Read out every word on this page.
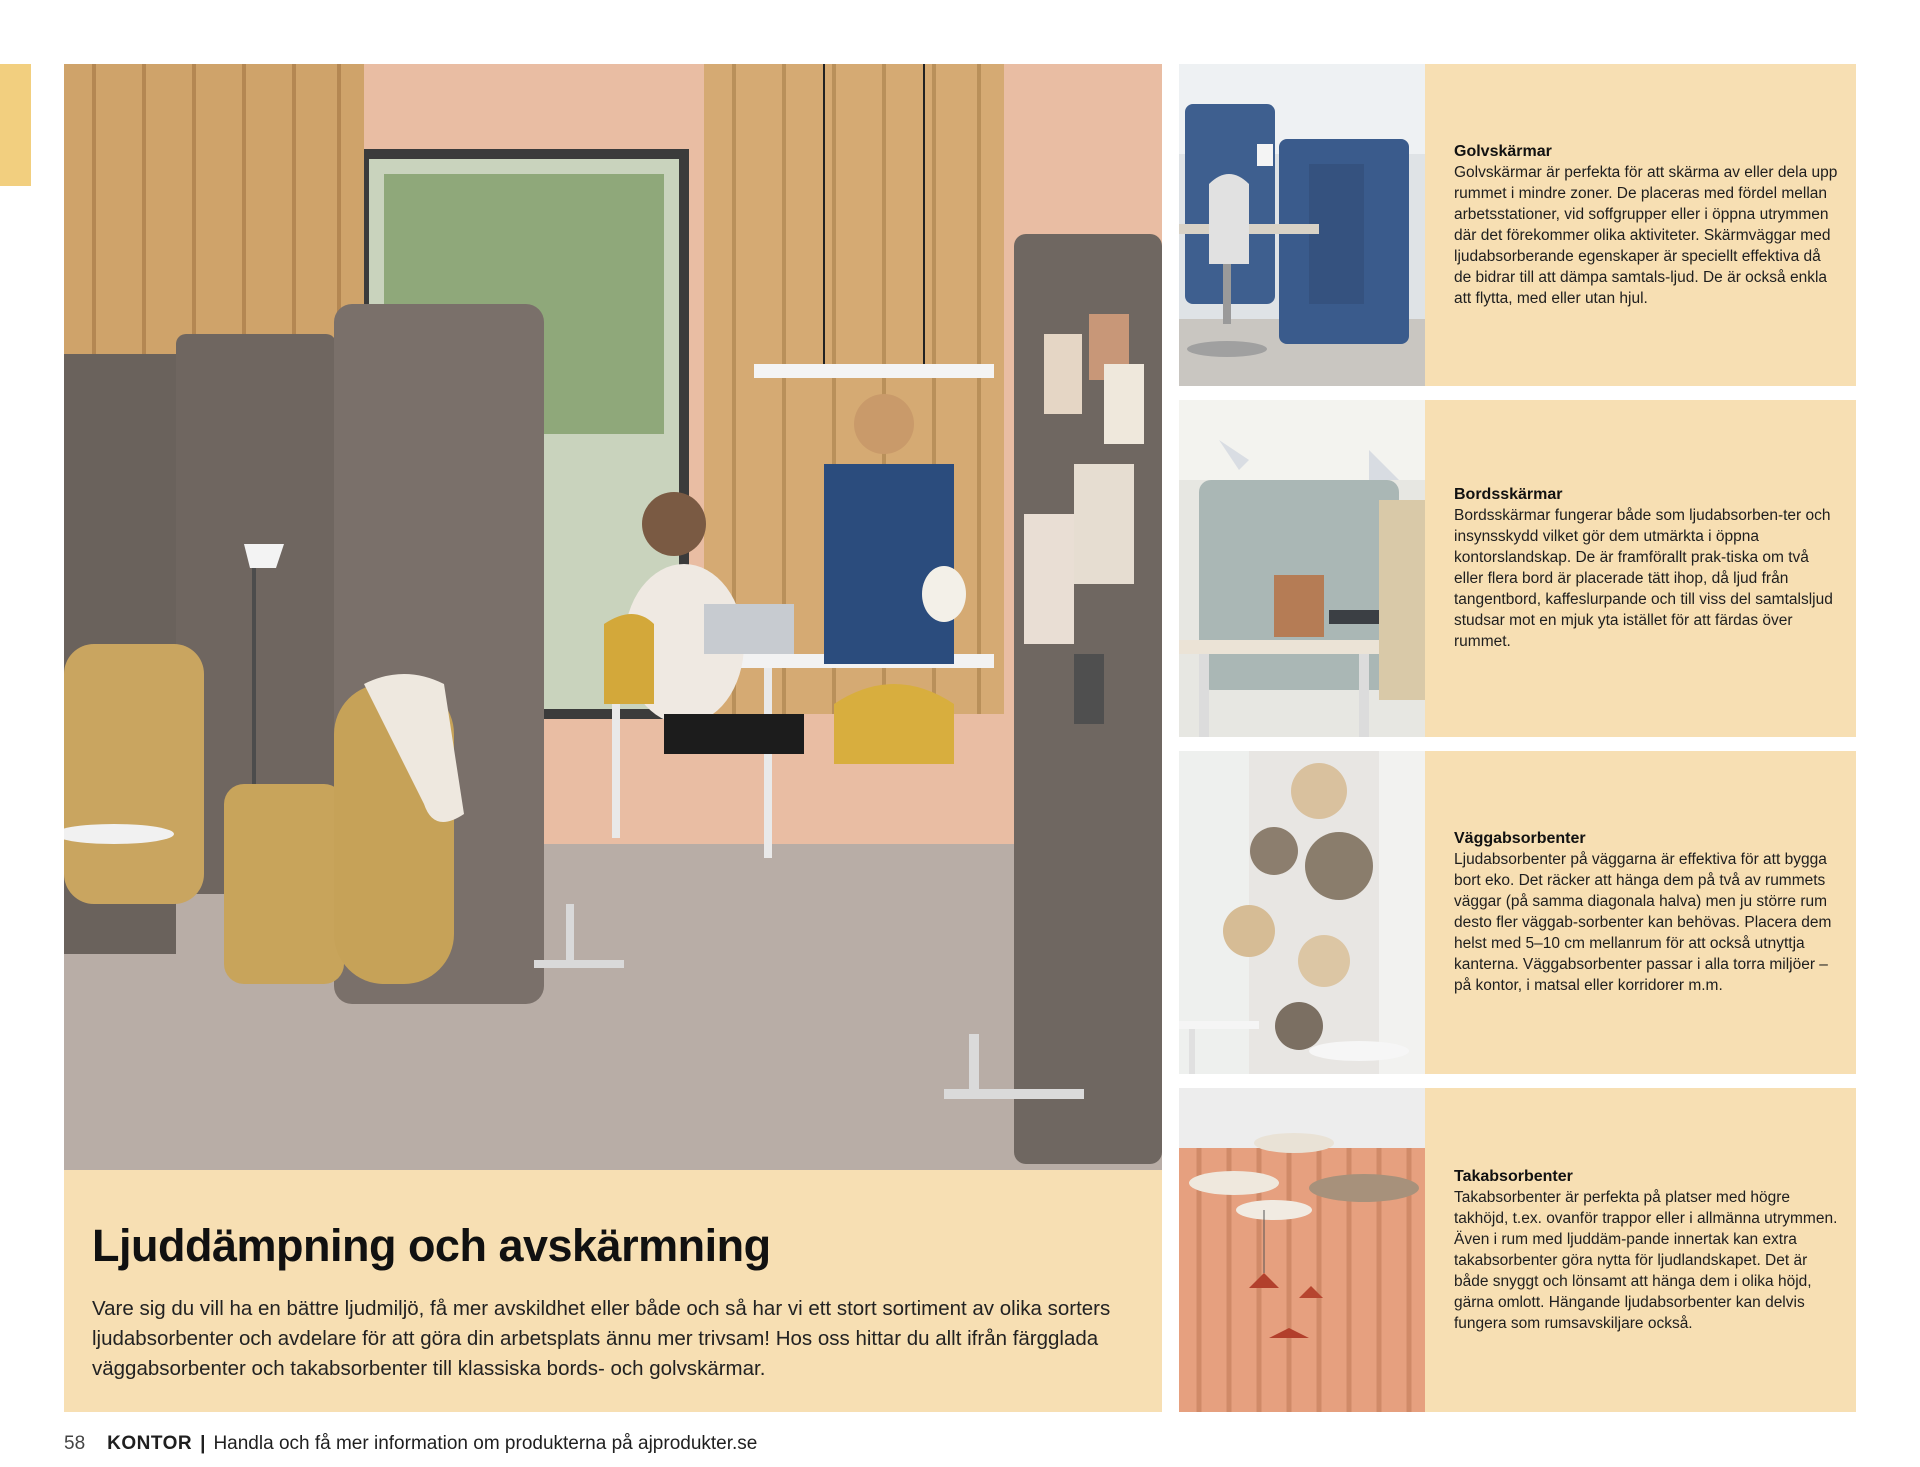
Ljuddämpning och avskärmning

Vare sig du vill ha en bättre ljudmiljö, få mer avskildhet eller både och så har vi ett stort sortiment av olika sorters ljudabsorbenter och avdelare för att göra din arbetsplats ännu mer trivsam! Hos oss hittar du allt ifrån färgglada väggabsorbenter och takabsorbenter till klassiska bords- och golvskärmar.

Golvskärmar

Golvskärmar är perfekta för att skärma av eller dela upp rummet i mindre zoner. De placeras med fördel mellan arbetsstationer, vid soffgrupper eller i öppna utrymmen där det förekommer olika aktiviteter. Skärmväggar med ljudabsorberande egenskaper är speciellt effektiva då de bidrar till att dämpa samtals-ljud. De är också enkla att flytta, med eller utan hjul.

Bordsskärmar

Bordsskärmar fungerar både som ljudabsorben-ter och insynsskydd vilket gör dem utmärkta i öppna kontorslandskap. De är framförallt prak-tiska om två eller flera bord är placerade tätt ihop, då ljud från tangentbord, kaffeslurpande och till viss del samtalsljud studsar mot en mjuk yta istället för att färdas över rummet.

Väggabsorbenter

Ljudabsorbenter på väggarna är effektiva för att bygga bort eko. Det räcker att hänga dem på två av rummets väggar (på samma diagonala halva) men ju större rum desto fler väggab-sorbenter kan behövas. Placera dem helst med 5–10 cm mellanrum för att också utnyttja kanterna. Väggabsorbenter passar i alla torra miljöer – på kontor, i matsal eller korridorer m.m.

Takabsorbenter

Takabsorbenter är perfekta på platser med högre takhöjd, t.ex. ovanför trappor eller i allmänna utrymmen. Även i rum med ljuddäm-pande innertak kan extra takabsorbenter göra nytta för ljudlandskapet. Det är både snyggt och lönsamt att hänga dem i olika höjd, gärna omlott. Hängande ljudabsorbenter kan delvis fungera som rumsavskiljare också.

58 KONTOR | Handla och få mer information om produkterna på ajprodukter.se
